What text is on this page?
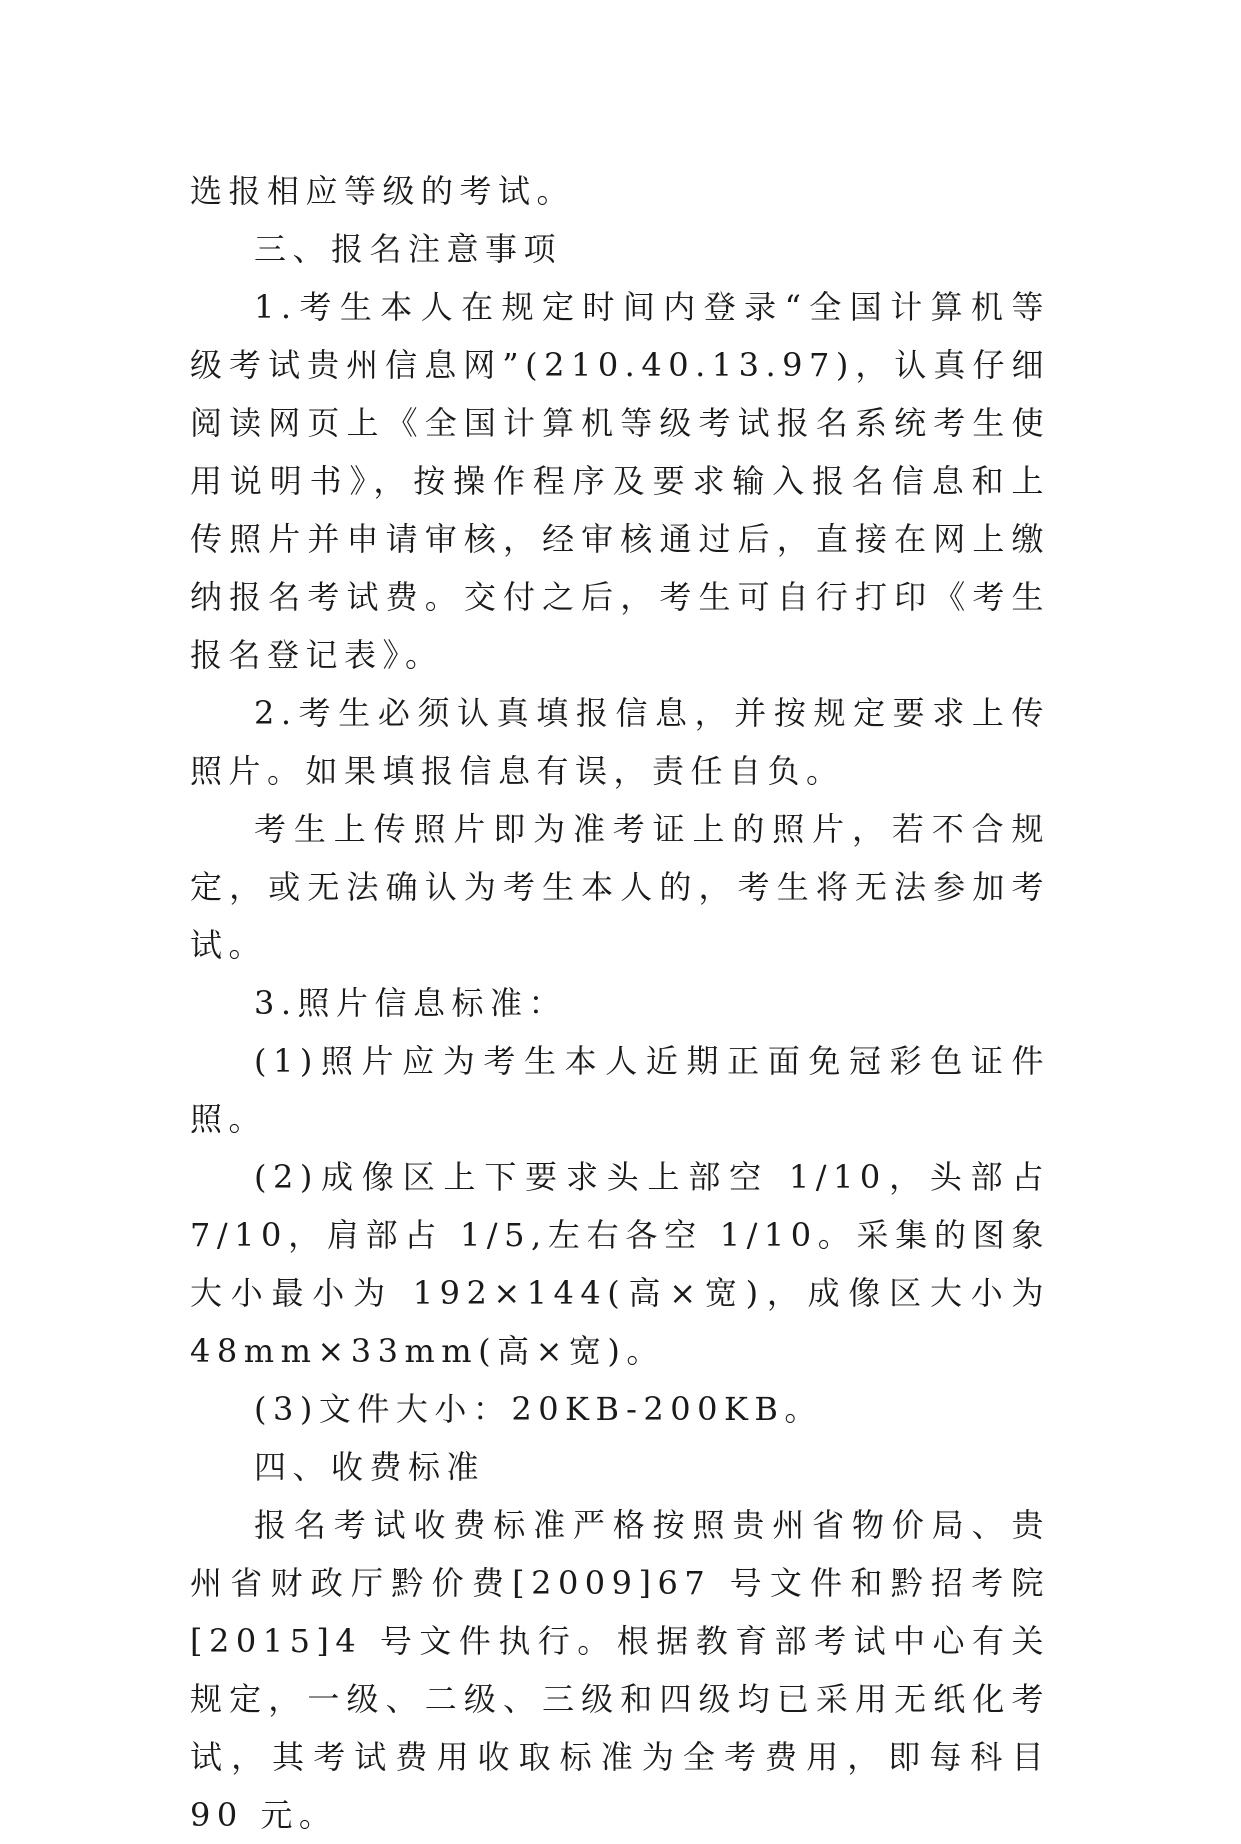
选报相应等级的考试。

三、报名注意事项

1.考生本人在规定时间内登录“全国计算机等级考试贵州信息网”(210.40.13.97)，认真仔细阅读网页上《全国计算机等级考试报名系统考生使用说明书》，按操作程序及要求输入报名信息和上传照片并申请审核，经审核通过后，直接在网上缴纳报名考试费。交付之后，考生可自行打印《考生报名登记表》。

2.考生必须认真填报信息，并按规定要求上传照片。如果填报信息有误，责任自负。

考生上传照片即为准考证上的照片，若不合规定，或无法确认为考生本人的，考生将无法参加考试。

3.照片信息标准：

(1)照片应为考生本人近期正面免冠彩色证件照。

(2)成像区上下要求头上部空 1/10，头部占 7/10，肩部占 1/5,左右各空 1/10。采集的图象大小最小为 192×144(高×宽)，成像区大小为 48mm×33mm(高×宽)。

(3)文件大小：20KB-200KB。

四、收费标准

报名考试收费标准严格按照贵州省物价局、贵州省财政厅黔价费[2009]67 号文件和黔招考院[2015]4 号文件执行。根据教育部考试中心有关规定，一级、二级、三级和四级均已采用无纸化考试，其考试费用收取标准为全考费用，即每科目 90 元。
